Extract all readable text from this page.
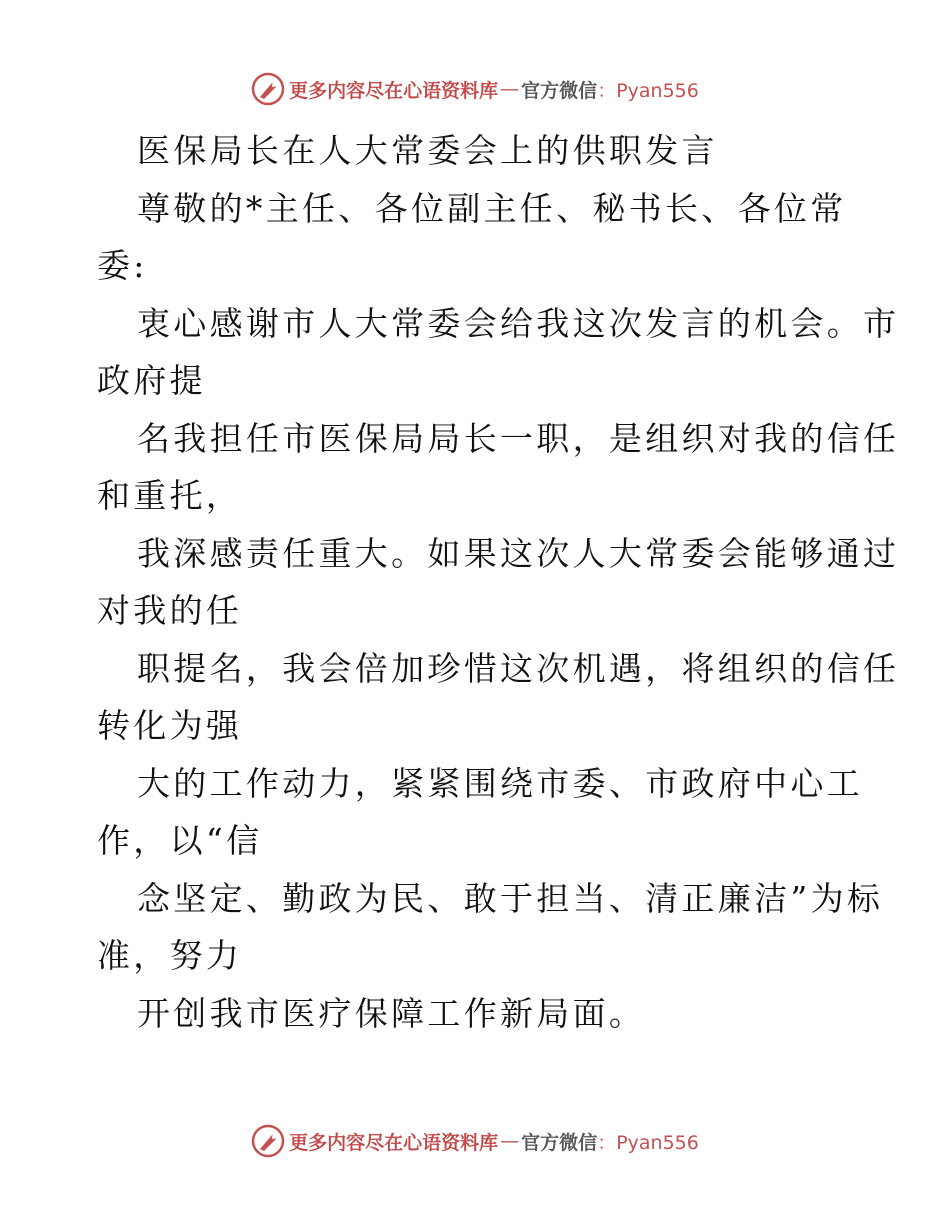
更多内容尽在心语资料库 — 官方微信 ：Pyan556
医保局长在人大常委会上的供职发言
尊敬的*主任、各位副主任、秘书长、各位常
委:
衷心感谢市人大常委会给我这次发言的机会。市
政府提
名我担任市医保局局长一职，是组织对我的信任
和重托，
我深感责任重大。如果这次人大常委会能够通过
对我的任
职提名，我会倍加珍惜这次机遇，将组织的信任
转化为强
大的工作动力，紧紧围绕市委、市政府中心工
作，以“信
念坚定、勤政为民、敢于担当、清正廉洁”为标
准，努力
开创我市医疗保障工作新局面。
更多内容尽在心语资料库 — 官方微信 ：Pyan556
